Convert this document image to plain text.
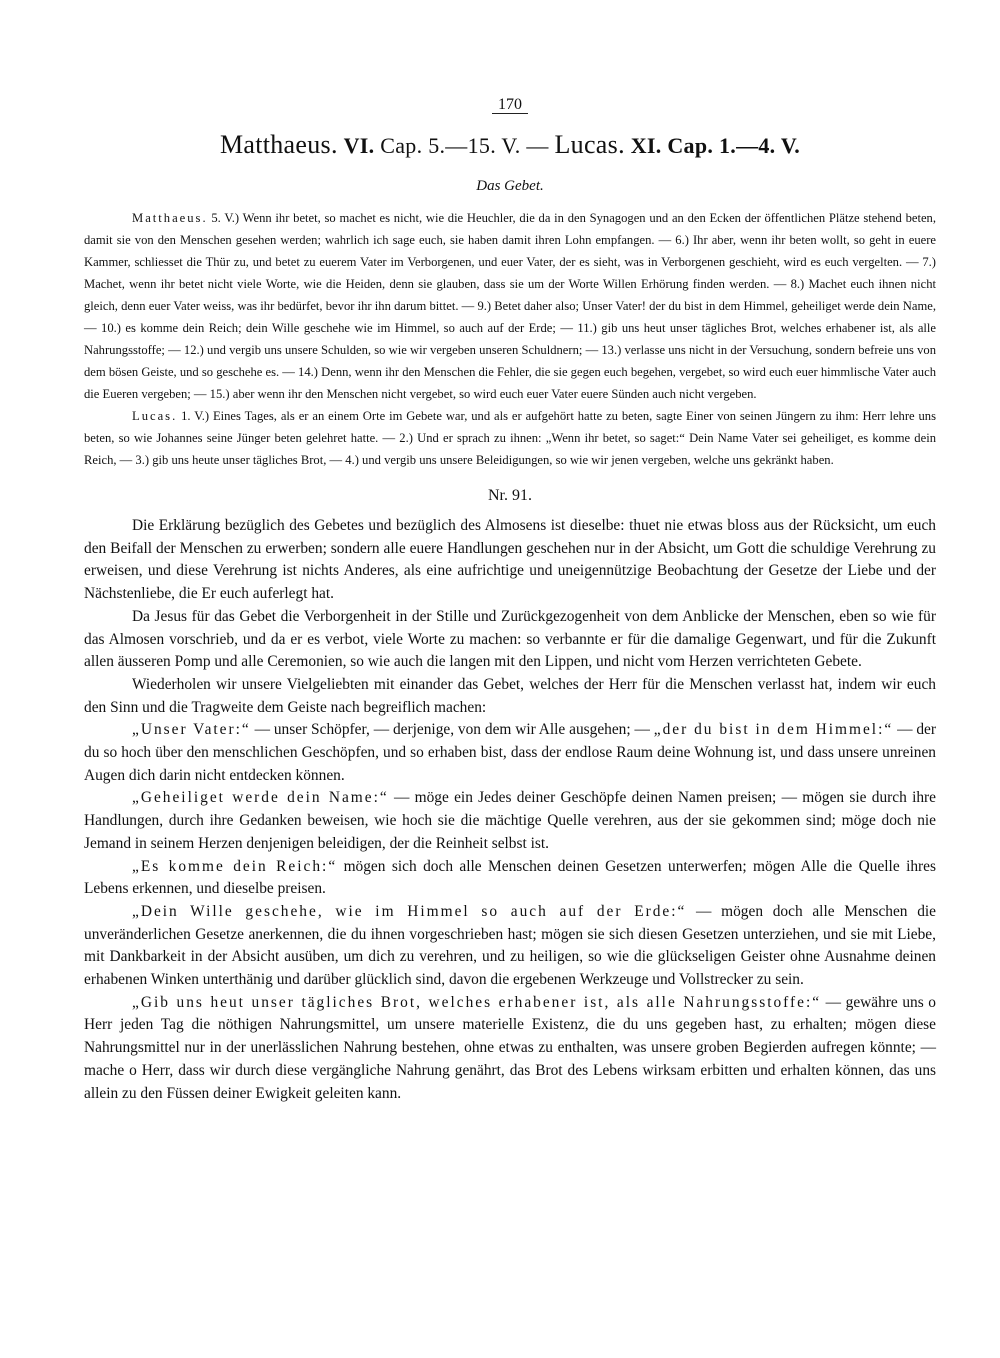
170
Matthaeus. VI. Cap. 5.—15. V. — Lucas. XI. Cap. 1.—4. V.
Das Gebet.

Matthaeus. 5. V.) Wenn ihr betet, so machet es nicht, wie die Heuchler, die da in den Synagogen und an den Ecken der öffentlichen Plätze stehend beten, damit sie von den Menschen gesehen werden; wahrlich ich sage euch, sie haben damit ihren Lohn empfangen. — 6.) Ihr aber, wenn ihr beten wollt, so geht in euere Kammer, schliesset die Thür zu, und betet zu euerem Vater im Verborgenen, und euer Vater, der es sieht, was in Verborgenen geschieht, wird es euch vergelten. — 7.) Machet, wenn ihr betet nicht viele Worte, wie die Heiden, denn sie glauben, dass sie um der Worte Willen Erhörung finden werden. — 8.) Machet euch ihnen nicht gleich, denn euer Vater weiss, was ihr bedürfet, bevor ihr ihn darum bittet. — 9.) Betet daher also; Unser Vater! der du bist in dem Himmel, geheiliget werde dein Name, — 10.) es komme dein Reich; dein Wille geschehe wie im Himmel, so auch auf der Erde; — 11.) gib uns heut unser tägliches Brot, welches erhabener ist, als alle Nahrungsstoffe; — 12.) und vergib uns unsere Schulden, so wie wir vergeben unseren Schuldnern; — 13.) verlasse uns nicht in der Versuchung, sondern befreie uns von dem bösen Geiste, und so geschehe es. — 14.) Denn, wenn ihr den Menschen die Fehler, die sie gegen euch begehen, vergebet, so wird euch euer himmlische Vater auch die Eueren vergeben; — 15.) aber wenn ihr den Menschen nicht vergebet, so wird euch euer Vater euere Sünden auch nicht vergeben.

Lucas. 1. V.) Eines Tages, als er an einem Orte im Gebete war, und als er aufgehört hatte zu beten, sagte Einer von seinen Jüngern zu ihm: Herr lehre uns beten, so wie Johannes seine Jünger beten gelehret hatte. — 2.) Und er sprach zu ihnen: „Wenn ihr betet, so saget:“ Dein Name Vater sei geheiliget, es komme dein Reich, — 3.) gib uns heute unser tägliches Brot, — 4.) und vergib uns unsere Beleidigungen, so wie wir jenen vergeben, welche uns gekränkt haben.

Nr. 91.

Die Erklärung bezüglich des Gebetes und bezüglich des Almosens ist dieselbe: thuet nie etwas bloss aus der Rücksicht, um euch den Beifall der Menschen zu erwerben; sondern alle euere Handlungen geschehen nur in der Absicht, um Gott die schuldige Verehrung zu erweisen, und diese Verehrung ist nichts Anderes, als eine aufrichtige und uneigennützige Beobachtung der Gesetze der Liebe und der Nächstenliebe, die Er euch auferlegt hat.

Da Jesus für das Gebet die Verborgenheit in der Stille und Zurückgezogenheit von dem Anblicke der Menschen, eben so wie für das Almosen vorschrieb, und da er es verbot, viele Worte zu machen: so verbannte er für die damalige Gegenwart, und für die Zukunft allen äusseren Pomp und alle Ceremonien, so wie auch die langen mit den Lippen, und nicht vom Herzen verrichteten Gebete.

Wiederholen wir unsere Vielgeliebten mit einander das Gebet, welches der Herr für die Menschen verlasst hat, indem wir euch den Sinn und die Tragweite dem Geiste nach begreiflich machen:

„Unser Vater:“ — unser Schöpfer, — derjenige, von dem wir Alle ausgehen; — „der du bist in dem Himmel:“ — der du so hoch über den menschlichen Geschöpfen, und so erhaben bist, dass der endlose Raum deine Wohnung ist, und dass unsere unreinen Augen dich darin nicht entdecken können.

„Geheiliget werde dein Name:“ — möge ein Jedes deiner Geschöpfe deinen Namen preisen; — mögen sie durch ihre Handlungen, durch ihre Gedanken beweisen, wie hoch sie die mächtige Quelle verehren, aus der sie gekommen sind; möge doch nie Jemand in seinem Herzen denjenigen beleidigen, der die Reinheit selbst ist.

„Es komme dein Reich:“ mögen sich doch alle Menschen deinen Gesetzen unterwerfen; mögen Alle die Quelle ihres Lebens erkennen, und dieselbe preisen.

„Dein Wille geschehe, wie im Himmel so auch auf der Erde:“ — mögen doch alle Menschen die unveränderlichen Gesetze anerkennen, die du ihnen vorgeschrieben hast; mögen sie sich diesen Gesetzen unterziehen, und sie mit Liebe, mit Dankbarkeit in der Absicht ausüben, um dich zu verehren, und zu heiligen, so wie die glückseligen Geister ohne Ausnahme deinen erhabenen Winken unterthänig und darüber glücklich sind, davon die ergebenen Werkzeuge und Vollstrecker zu sein.

„Gib uns heut unser tägliches Brot, welches erhabener ist, als alle Nahrungsstoffe:“ — gewähre uns o Herr jeden Tag die nöthigen Nahrungsmittel, um unsere materielle Existenz, die du uns gegeben hast, zu erhalten; mögen diese Nahrungsmittel nur in der unerlässlichen Nahrung bestehen, ohne etwas zu enthalten, was unsere groben Begierden aufregen könnte; — mache o Herr, dass wir durch diese vergängliche Nahrung genährt, das Brot des Lebens wirksam erbitten und erhalten können, das uns allein zu den Füssen deiner Ewigkeit geleiten kann.
